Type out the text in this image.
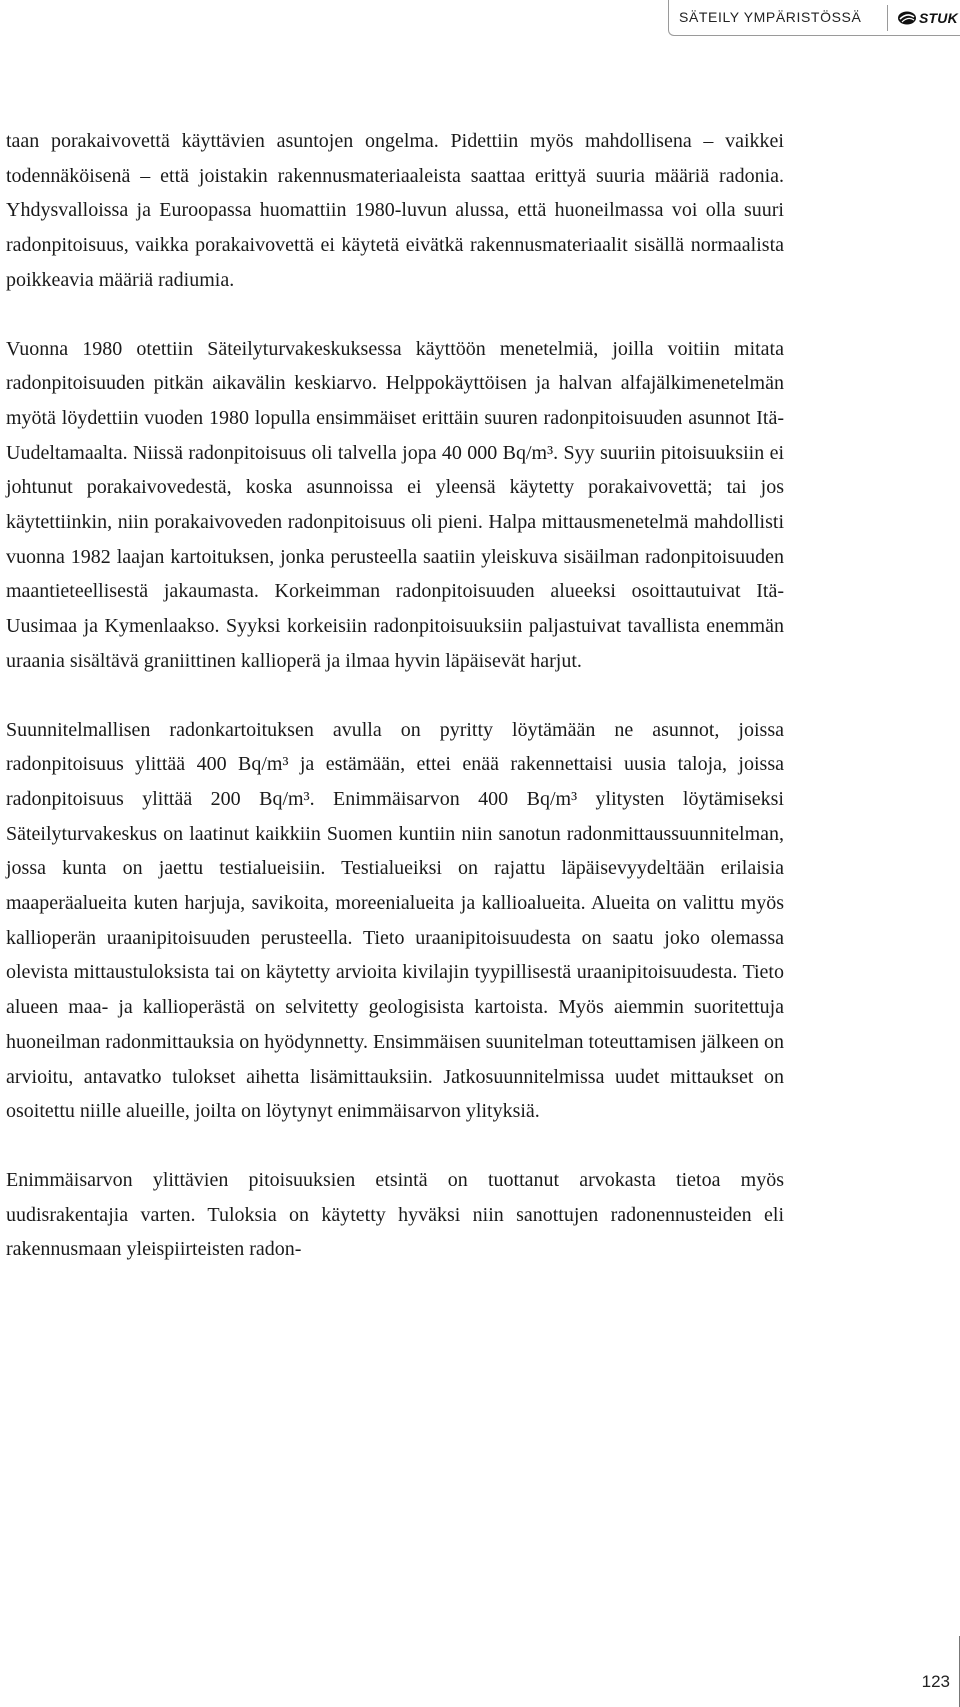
SÄTEILY YMPÄRISTÖSSÄ	STUK

taan porakaivovettä käyttävien asuntojen ongelma. Pidettiin myös mahdollisena – vaikkei todennäköisenä – että joistakin rakennusmateriaaleista saattaa erittyä suuria määriä radonia. Yhdysvalloissa ja Euroopassa huomattiin 1980-luvun alussa, että huoneilmassa voi olla suuri radonpitoisuus, vaikka porakaivovettä ei käytetä eivätkä rakennusmateriaalit sisällä normaalista poikkeavia määriä radiumia.

Vuonna 1980 otettiin Säteilyturvakeskuksessa käyttöön menetelmiä, joilla voitiin mitata radonpitoisuuden pitkän aikavälin keskiarvo. Helppokäyttöisen ja halvan alfajälkimenetelmän myötä löydettiin vuoden 1980 lopulla ensimmäiset erittäin suuren radonpitoisuuden asunnot Itä-Uudeltamaalta. Niissä radonpitoisuus oli talvella jopa 40 000 Bq/m³. Syy suuriin pitoisuuksiin ei johtunut porakaivovedestä, koska asunnoissa ei yleensä käytetty porakaivovettä; tai jos käytettiinkin, niin porakaivoveden radonpitoisuus oli pieni. Halpa mittausmenetelmä mahdollisti vuonna 1982 laajan kartoituksen, jonka perusteella saatiin yleiskuva sisäilman radonpitoisuuden maantieteellisestä jakaumasta. Korkeimman radonpitoisuuden alueeksi osoittautuivat Itä-Uusimaa ja Kymenlaakso. Syyksi korkeisiin radonpitoisuuksiin paljastuivat tavallista enemmän uraania sisältävä graniittinen kallioperä ja ilmaa hyvin läpäisevät harjut.

Suunnitelmallisen radonkartoituksen avulla on pyritty löytämään ne asunnot, joissa radonpitoisuus ylittää 400 Bq/m³ ja estämään, ettei enää rakennettaisi uusia taloja, joissa radonpitoisuus ylittää 200 Bq/m³. Enimmäisarvon 400 Bq/m³ ylitysten löytämiseksi Säteilyturvakeskus on laatinut kaikkiin Suomen kuntiin niin sanotun radonmittaussuunnitelman, jossa kunta on jaettu testialueisiin. Testialueiksi on rajattu läpäisevyydeltään erilaisia maaperäalueita kuten harjuja, savikoita, moreenialueita ja kallioalueita. Alueita on valittu myös kallioperän uraanipitoisuuden perusteella. Tieto uraanipitoisuudesta on saatu joko olemassa olevista mittaustuloksista tai on käytetty arvioita kivilajin tyypillisestä uraanipitoisuudesta. Tieto alueen maa- ja kallioperästä on selvitetty geologisista kartoista. Myös aiemmin suoritettuja huoneilman radonmittauksia on hyödynnetty. Ensimmäisen suunitelman toteuttamisen jälkeen on arvioitu, antavatko tulokset aihetta lisämittauksiin. Jatkosuunnitelmissa uudet mittaukset on osoitettu niille alueille, joilta on löytynyt enimmäisarvon ylityksiä.

Enimmäisarvon ylittävien pitoisuuksien etsintä on tuottanut arvokasta tietoa myös uudisrakentajia varten. Tuloksia on käytetty hyväksi niin sanottujen radonennusteiden eli rakennusmaan yleispiirteisten radon-

123
